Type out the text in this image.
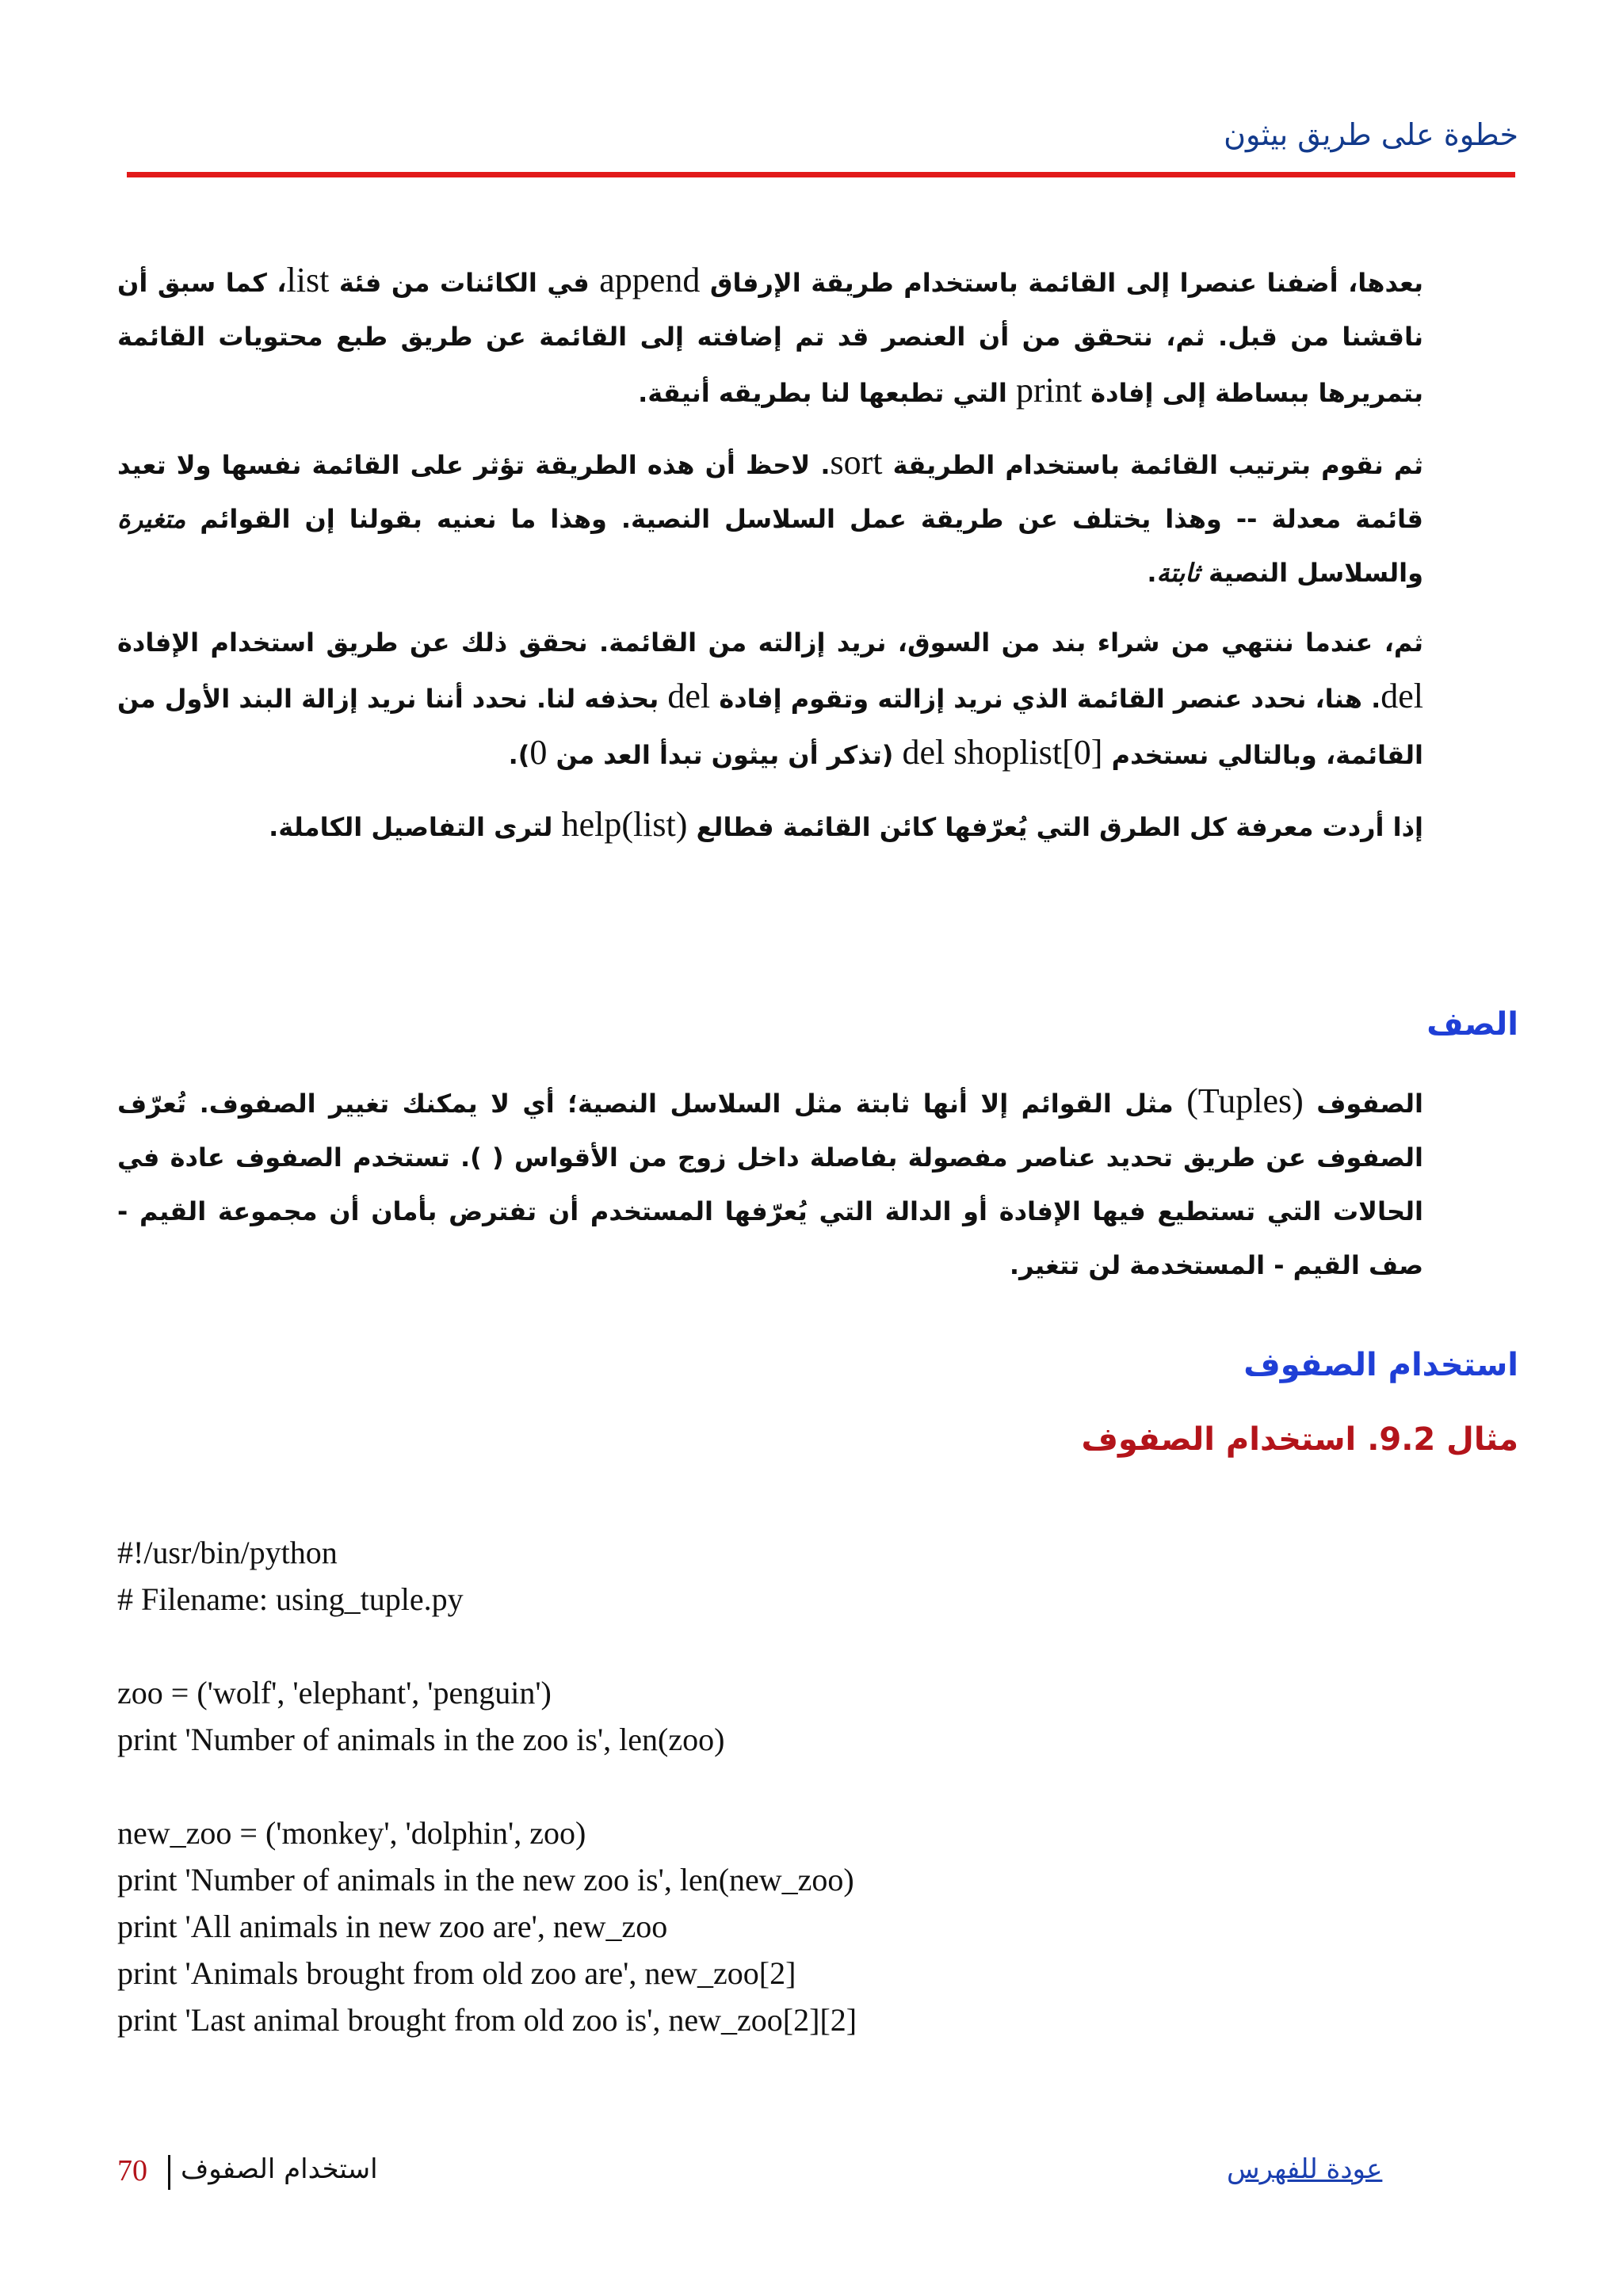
خطوة على طريق بيثون

بعدها، أضفنا عنصرا إلى القائمة باستخدام طريقة الإرفاق append في الكائنات من فئة list، كما سبق أن ناقشنا من قبل. ثم، نتحقق من أن العنصر قد تم إضافته إلى القائمة عن طريق طبع محتويات القائمة بتمريرها ببساطة إلى إفادة print التي تطبعها لنا بطريقه أنيقة.

ثم نقوم بترتيب القائمة باستخدام الطريقة sort. لاحظ أن هذه الطريقة تؤثر على القائمة نفسها ولا تعيد قائمة معدلة -- وهذا يختلف عن طريقة عمل السلاسل النصية. وهذا ما نعنيه بقولنا إن القوائم متغيرة والسلاسل النصية ثابتة.

ثم، عندما ننتهي من شراء بند من السوق، نريد إزالته من القائمة. نحقق ذلك عن طريق استخدام الإفادة del. هنا، نحدد عنصر القائمة الذي نريد إزالته وتقوم إفادة del بحذفه لنا. نحدد أننا نريد إزالة البند الأول من القائمة، وبالتالي نستخدم del shoplist[0] (تذكر أن بيثون تبدأ العد من 0).

إذا أردت معرفة كل الطرق التي يُعرّفها كائن القائمة فطالع help(list) لترى التفاصيل الكاملة.

الصف

الصفوف (Tuples) مثل القوائم إلا أنها ثابتة مثل السلاسل النصية؛ أي لا يمكنك تغيير الصفوف. تُعرّف الصفوف عن طريق تحديد عناصر مفصولة بفاصلة داخل زوج من الأقواس ( ). تستخدم الصفوف عادة في الحالات التي تستطيع فيها الإفادة أو الدالة التي يُعرّفها المستخدم أن تفترض بأمان أن مجموعة القيم - صف القيم - المستخدمة لن تتغير.

استخدام الصفوف
مثال 9.2. استخدام الصفوف
#!/usr/bin/python
# Filename: using_tuple.py
zoo = ('wolf', 'elephant', 'penguin')
print 'Number of animals in the zoo is', len(zoo)
new_zoo = ('monkey', 'dolphin', zoo)
print 'Number of animals in the new zoo is', len(new_zoo)
print 'All animals in new zoo are', new_zoo
print 'Animals brought from old zoo are', new_zoo[2]
print 'Last animal brought from old zoo is', new_zoo[2][2]
70 استخدام الصفوف	عودة للفهرس
